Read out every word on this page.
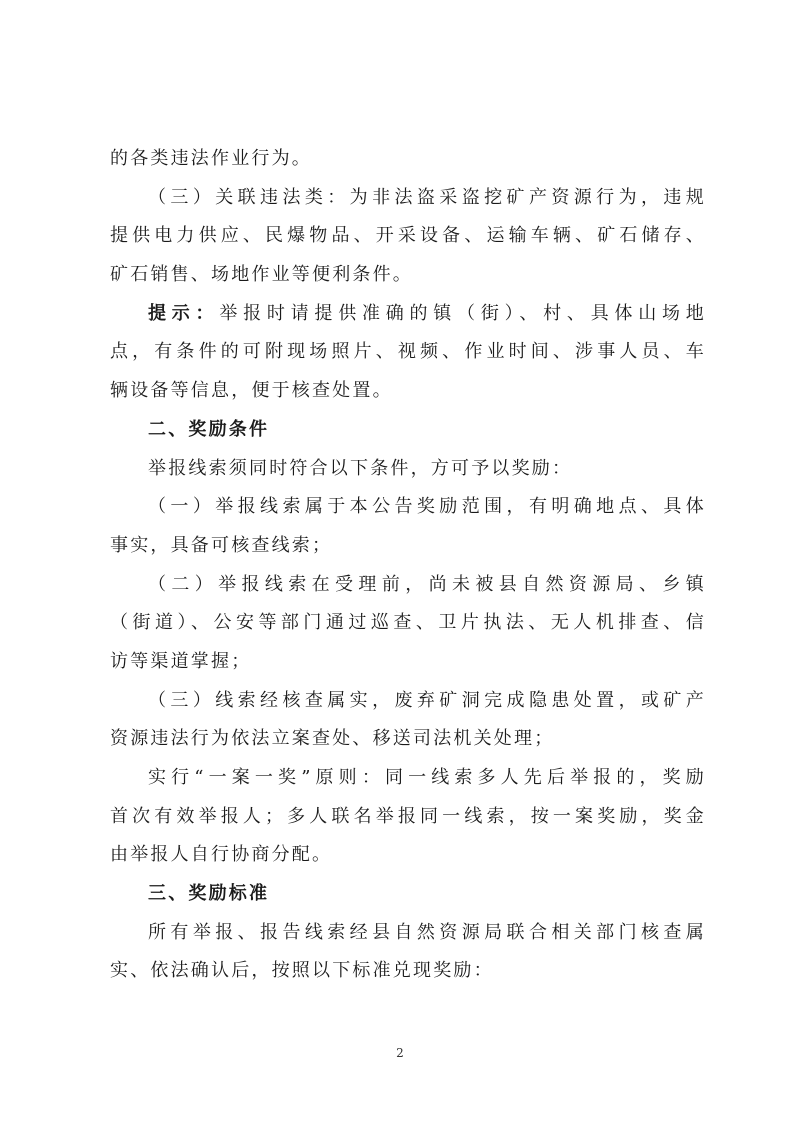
的各类违法作业行为。
（三）关联违法类：为非法盗采盗挖矿产资源行为，违规
提供电力供应、民爆物品、开采设备、运输车辆、矿石储存、
矿石销售、场地作业等便利条件。
提示：举报时请提供准确的镇（街）、村、具体山场地
点，有条件的可附现场照片、视频、作业时间、涉事人员、车
辆设备等信息，便于核查处置。
二、奖励条件
举报线索须同时符合以下条件，方可予以奖励：
（一）举报线索属于本公告奖励范围，有明确地点、具体
事实，具备可核查线索；
（二）举报线索在受理前，尚未被县自然资源局、乡镇
（街道）、公安等部门通过巡查、卫片执法、无人机排查、信
访等渠道掌握；
（三）线索经核查属实，废弃矿洞完成隐患处置，或矿产
资源违法行为依法立案查处、移送司法机关处理；
实行“一案一奖”原则：同一线索多人先后举报的，奖励
首次有效举报人；多人联名举报同一线索，按一案奖励，奖金
由举报人自行协商分配。
三、奖励标准
所有举报、报告线索经县自然资源局联合相关部门核查属
实、依法确认后，按照以下标准兑现奖励：
2
